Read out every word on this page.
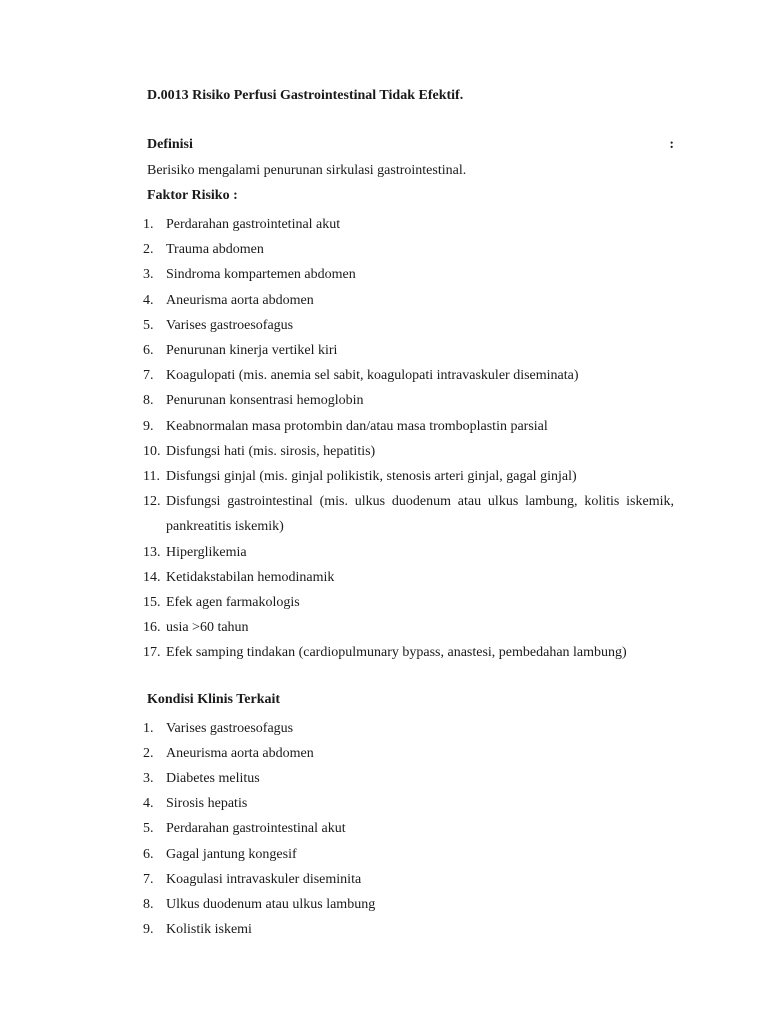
D.0013 Risiko Perfusi Gastrointestinal Tidak Efektif.
Definisi	:
Berisiko mengalami penurunan sirkulasi gastrointestinal.
Faktor Risiko :
1. Perdarahan gastrointetinal akut
2. Trauma abdomen
3. Sindroma kompartemen abdomen
4. Aneurisma aorta abdomen
5. Varises gastroesofagus
6. Penurunan kinerja vertikel kiri
7. Koagulopati (mis. anemia sel sabit, koagulopati intravaskuler diseminata)
8. Penurunan konsentrasi hemoglobin
9. Keabnormalan masa protombin dan/atau masa tromboplastin parsial
10. Disfungsi hati (mis. sirosis, hepatitis)
11. Disfungsi ginjal (mis. ginjal polikistik, stenosis arteri ginjal, gagal ginjal)
12. Disfungsi gastrointestinal (mis. ulkus duodenum atau ulkus lambung, kolitis iskemik, pankreatitis iskemik)
13. Hiperglikemia
14. Ketidakstabilan hemodinamik
15. Efek agen farmakologis
16. usia >60 tahun
17. Efek samping tindakan (cardiopulmunary bypass, anastesi, pembedahan lambung)
Kondisi Klinis Terkait
1. Varises gastroesofagus
2. Aneurisma aorta abdomen
3. Diabetes melitus
4. Sirosis hepatis
5. Perdarahan gastrointestinal akut
6. Gagal jantung kongesif
7. Koagulasi intravaskuler diseminita
8. Ulkus duodenum atau ulkus lambung
9. Kolistik iskemi
